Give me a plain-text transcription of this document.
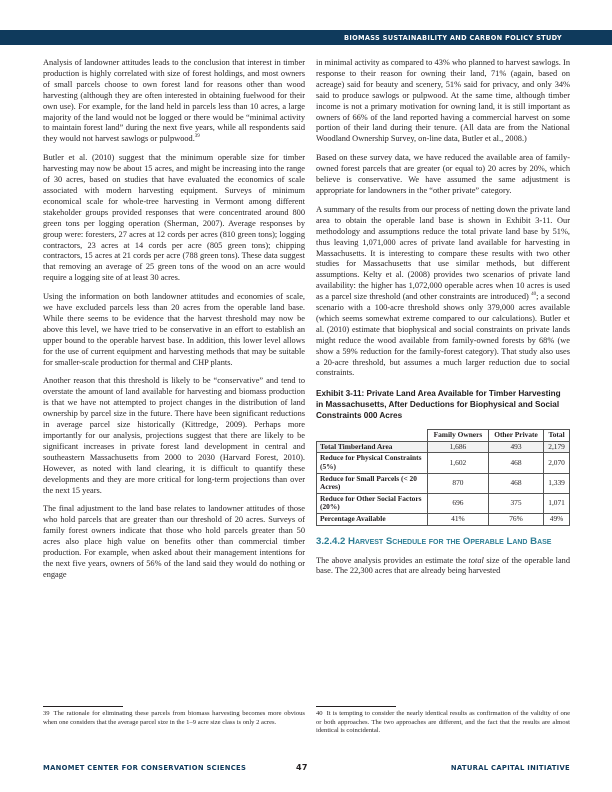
BIOMASS SUSTAINABILITY AND CARBON POLICY STUDY

Analysis of landowner attitudes leads to the conclusion that interest in timber production is highly correlated with size of forest holdings, and most owners of small parcels choose to own forest land for reasons other than wood harvesting (although they are often interested in obtaining fuelwood for their own use). For example, for the land held in parcels less than 10 acres, a large majority of the land would not be logged or there would be “minimal activity to maintain forest land” during the next five years, while all respondents said they would not harvest sawlogs or pulpwood.$^{39}$

Butler et al. (2010) suggest that the minimum operable size for timber harvesting may now be about 15 acres, and might be increasing into the range of 30 acres, based on studies that have evaluated the economics of scale associated with modern harvesting equipment. Surveys of minimum economical scale for whole-tree harvesting in Vermont among different stakeholder groups provided responses that were concentrated around 800 green tons per logging operation (Sherman, 2007). Average responses by group were: foresters, 27 acres at 12 cords per acres (810 green tons); logging contractors, 23 acres at 14 cords per acre (805 green tons); chipping contractors, 15 acres at 21 cords per acre (788 green tons). These data suggest that removing an average of 25 green tons of the wood on an acre would require a logging site of at least 30 acres.

Using the information on both landowner attitudes and economies of scale, we have excluded parcels less than 20 acres from the operable land base. While there seems to be evidence that the harvest threshold may now be above this level, we have tried to be conservative in an effort to establish an upper bound to the operable harvest base. In addition, this lower level allows for the use of current equipment and harvesting methods that may be suitable for smaller-scale production for thermal and CHP plants.

Another reason that this threshold is likely to be “conservative” and tend to overstate the amount of land available for harvesting and biomass production is that we have not attempted to project changes in the distribution of land ownership by parcel size in the future. There have been significant reductions in average parcel size historically (Kittredge, 2009). Perhaps more importantly for our analysis, projections suggest that there are likely to be significant increases in private forest land development in central and southeastern Massachusetts from 2000 to 2030 (Harvard Forest, 2010). However, as noted with land clearing, it is difficult to quantify these developments and they are more critical for long-term projections than over the next 15 years.

The final adjustment to the land base relates to landowner attitudes of those who hold parcels that are greater than our threshold of 20 acres. Surveys of family forest owners indicate that those who hold parcels greater than 50 acres also place high value on benefits other than commercial timber production. For example, when asked about their management intentions for the next five years, owners of 56% of the land said they would do nothing or engage

in minimal activity as compared to 43% who planned to harvest sawlogs. In response to their reason for owning their land, 71% (again, based on acreage) said for beauty and scenery, 51% said for privacy, and only 34% said to produce sawlogs or pulpwood. At the same time, although timber income is not a primary motivation for owning land, it is still important as owners of 66% of the land reported having a commercial harvest on some portion of their land during their tenure. (All data are from the National Woodland Ownership Survey, on-line data, Butler et al., 2008.)

Based on these survey data, we have reduced the available area of family-owned forest parcels that are greater (or equal to) 20 acres by 20%, which believe is conservative. We have assumed the same adjustment is appropriate for landowners in the “other private” category.

A summary of the results from our process of netting down the private land area to obtain the operable land base is shown in Exhibit 3-11. Our methodology and assumptions reduce the total private land base by 51%, thus leaving 1,071,000 acres of private land available for harvesting in Massachusetts. It is interesting to compare these results with two other studies for Massachusetts that use similar methods, but different assumptions. Kelty et al. (2008) provides two scenarios of private land availability: the higher has 1,072,000 operable acres when 10 acres is used as a parcel size threshold (and other constraints are introduced) $^{40}$; a second scenario with a 100-acre threshold shows only 379,000 acres available (which seems somewhat extreme compared to our calculations). Butler et al. (2010) estimate that biophysical and social constraints on private lands might reduce the wood available from family-owned forests by 68% (we show a 59% reduction for the family-forest category). That study also uses a 20-acre threshold, but assumes a much larger reduction due to social constraints.

Exhibit 3-11: Private Land Area Available for Timber Harvesting in Massachusetts, After Deductions for Biophysical and Social Constraints 000 Acres
	Family Owners	Other Private	Total
Total Timberland Area	1,686	493	2,179
Reduce for Physical Constraints (5%)	1,602	468	2,070
Reduce for Small Parcels (< 20 Acres)	870	468	1,339
Reduce for Other Social Factors (20%)	696	375	1,071
Percentage Available	41%	76%	49%
3.2.4.2 Harvest Schedule for the Operable Land Base

The above analysis provides an estimate the total size of the operable land base. The 22,300 acres that are already being harvested

39 The rationale for eliminating these parcels from biomass harvesting becomes more obvious when one considers that the average parcel size in the 1–9 acre size class is only 2 acres.
40 It is tempting to consider the nearly identical results as confirmation of the validity of one or both approaches. The two approaches are different, and the fact that the results are almost identical is coincidental.
MANOMET CENTER FOR CONSERVATION SCIENCES	47	NATURAL CAPITAL INITIATIVE
